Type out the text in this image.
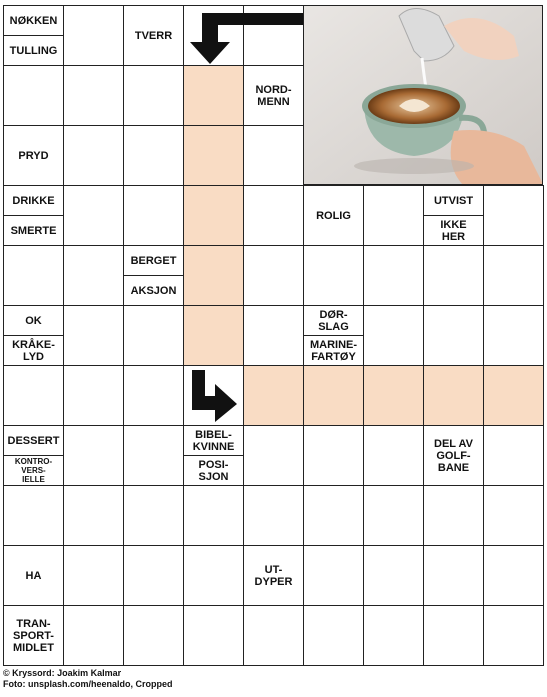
NØKKEN
TULLING
TVERR
NORD-
MENN
PRYD
DRIKKE
SMERTE
ROLIG
UTVIST
IKKE
HER
BERGET
AKSJON
OK
KRÅKE-
LYD
DØR-
SLAG
MARINE-
FARTØY
DESSERT
KONTRO-
VERS-
IELLE
BIBEL-
KVINNE
POSI-
SJON
DEL AV
GOLF-
BANE
HA	UT-
DYPER
TRAN-
SPORT-
MIDLET
© Kryssord: Joakim Kalmar
Foto: unsplash.com/heenaldo, Cropped
